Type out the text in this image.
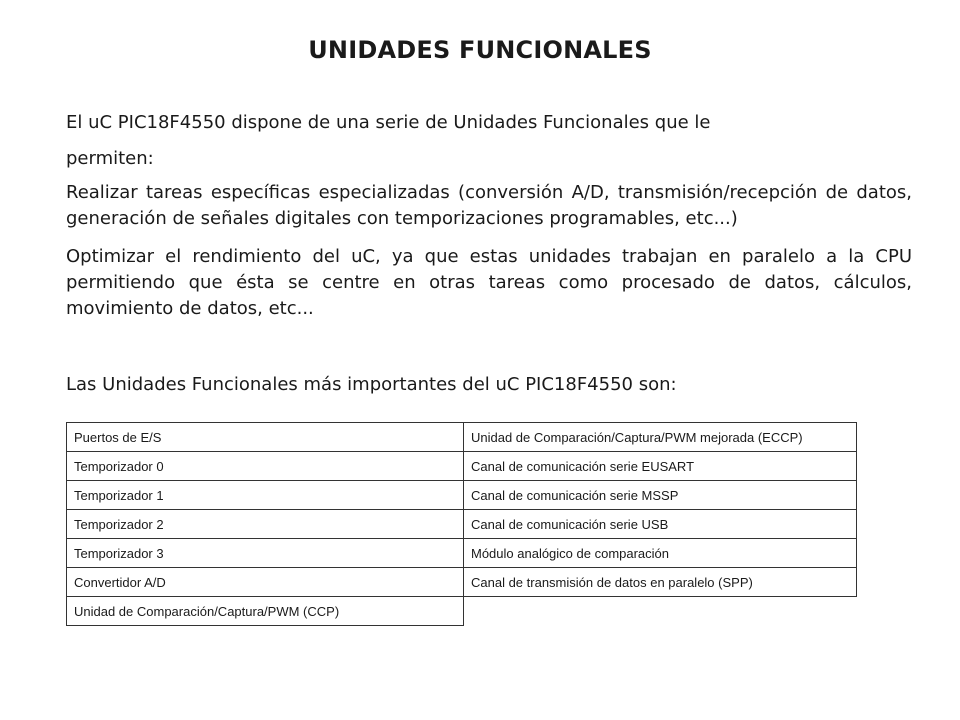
UNIDADES FUNCIONALES
El uC PIC18F4550 dispone de una serie de Unidades Funcionales que le
permiten:
Realizar tareas específicas especializadas (conversión A/D, transmisión/recepción de datos, generación de señales digitales con temporizaciones programables, etc...)
Optimizar el rendimiento del uC, ya que estas unidades trabajan en paralelo a la CPU permitiendo que ésta se centre en otras tareas como procesado de datos, cálculos, movimiento de datos, etc...
Las Unidades Funcionales más importantes del uC PIC18F4550 son:
Puertos de E/S	Unidad de Comparación/Captura/PWM mejorada (ECCP)
Temporizador 0	Canal de comunicación serie EUSART
Temporizador 1	Canal de comunicación serie MSSP
Temporizador 2	Canal de comunicación serie USB
Temporizador 3	Módulo analógico de comparación
Convertidor A/D	Canal de transmisión de datos en paralelo (SPP)
Unidad de Comparación/Captura/PWM (CCP)	
